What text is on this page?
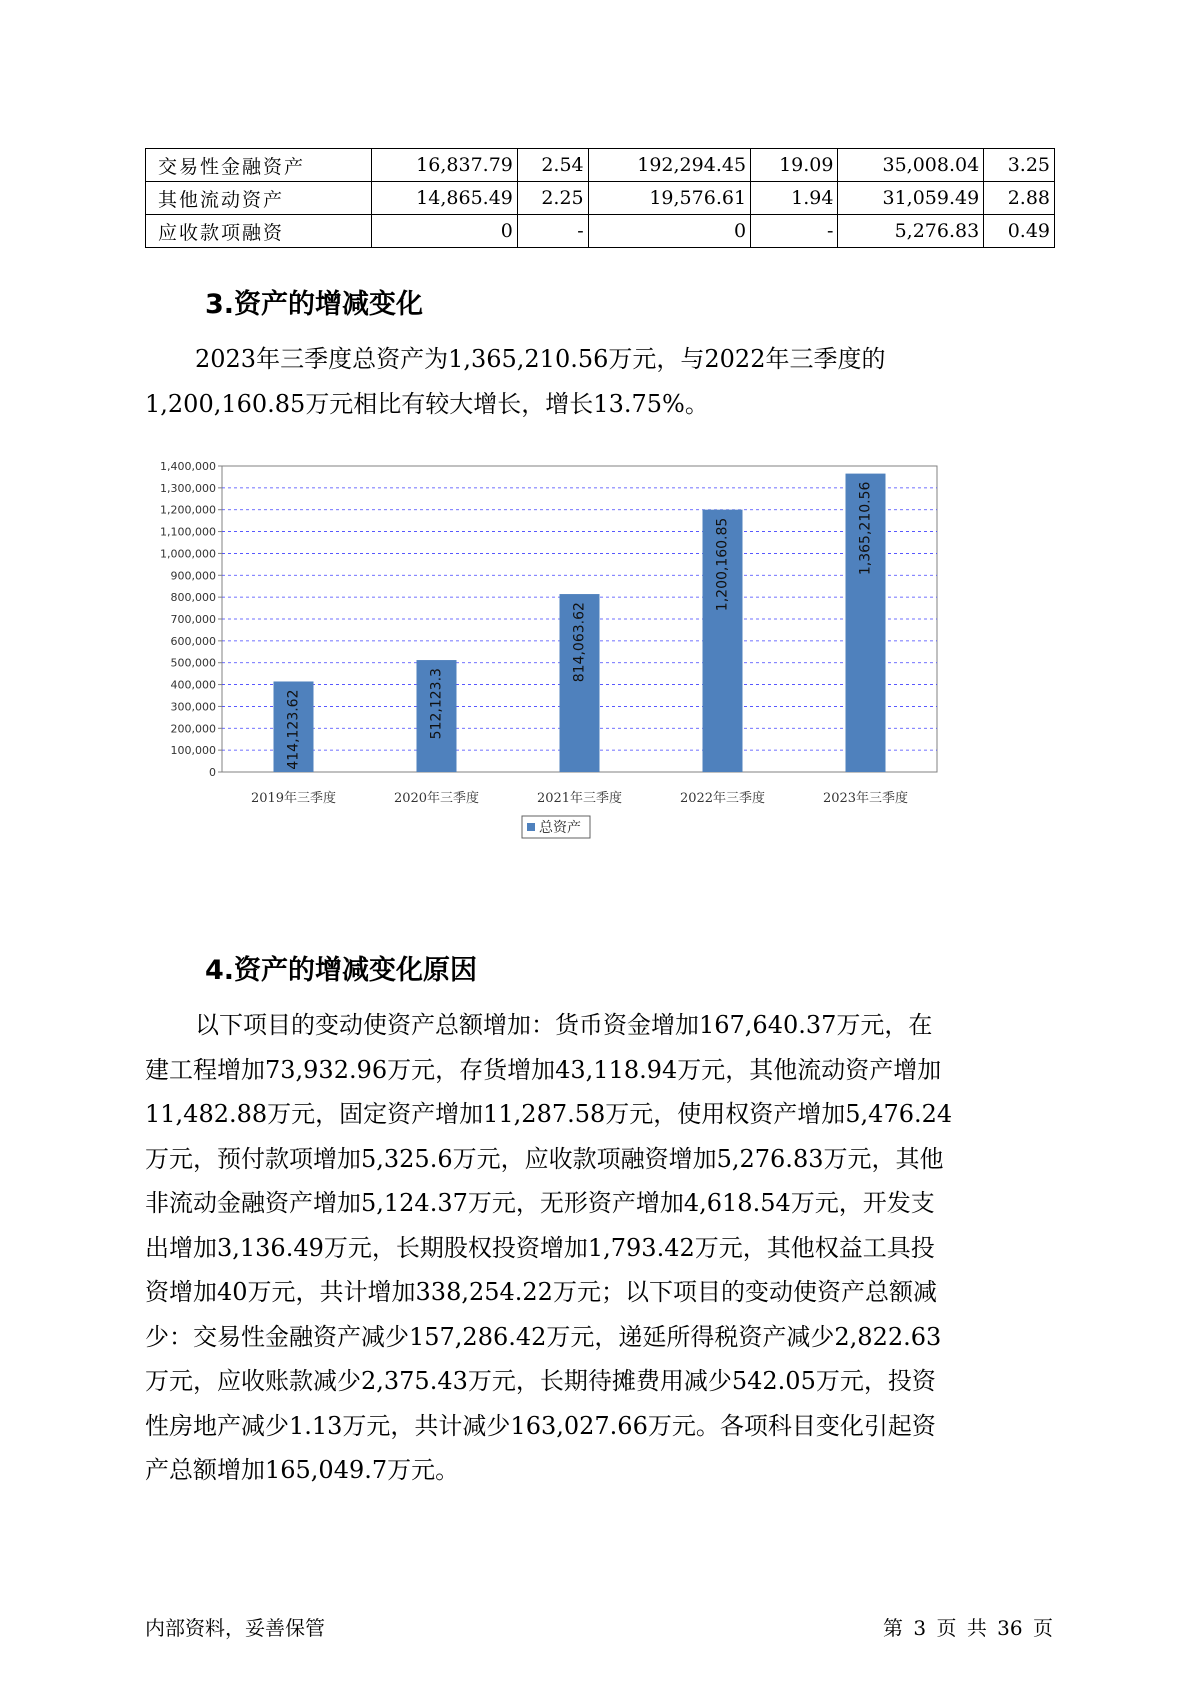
交易性金融资产	16,837.79	2.54	192,294.45	19.09	35,008.04	3.25
其他流动资产	14,865.49	2.25	19,576.61	1.94	31,059.49	2.88
应收款项融资	0	-	0	-	5,276.83	0.49
3.资产的增减变化

2023年三季度总资产为1,365,210.56万元，与2022年三季度的
1,200,160.85万元相比有较大增长，增长13.75%。

0
100,000
200,000
300,000
400,000
500,000
600,000
700,000
800,000
900,000
1,000,000
1,100,000
1,200,000
1,300,000
1,400,000
414,123.62
2019年三季度
512,123.3
2020年三季度
814,063.62
2021年三季度
1,200,160.85
2022年三季度
1,365,210.56
2023年三季度
总资产
4.资产的增减变化原因

以下项目的变动使资产总额增加：货币资金增加167,640.37万元，在
建工程增加73,932.96万元，存货增加43,118.94万元，其他流动资产增加
11,482.88万元，固定资产增加11,287.58万元，使用权资产增加5,476.24
万元，预付款项增加5,325.6万元，应收款项融资增加5,276.83万元，其他
非流动金融资产增加5,124.37万元，无形资产增加4,618.54万元，开发支
出增加3,136.49万元，长期股权投资增加1,793.42万元，其他权益工具投
资增加40万元，共计增加338,254.22万元；以下项目的变动使资产总额减
少：交易性金融资产减少157,286.42万元，递延所得税资产减少2,822.63
万元，应收账款减少2,375.43万元，长期待摊费用减少542.05万元，投资
性房地产减少1.13万元，共计减少163,027.66万元。各项科目变化引起资
产总额增加165,049.7万元。

内部资料，妥善保管	第 3 页 共 36 页
